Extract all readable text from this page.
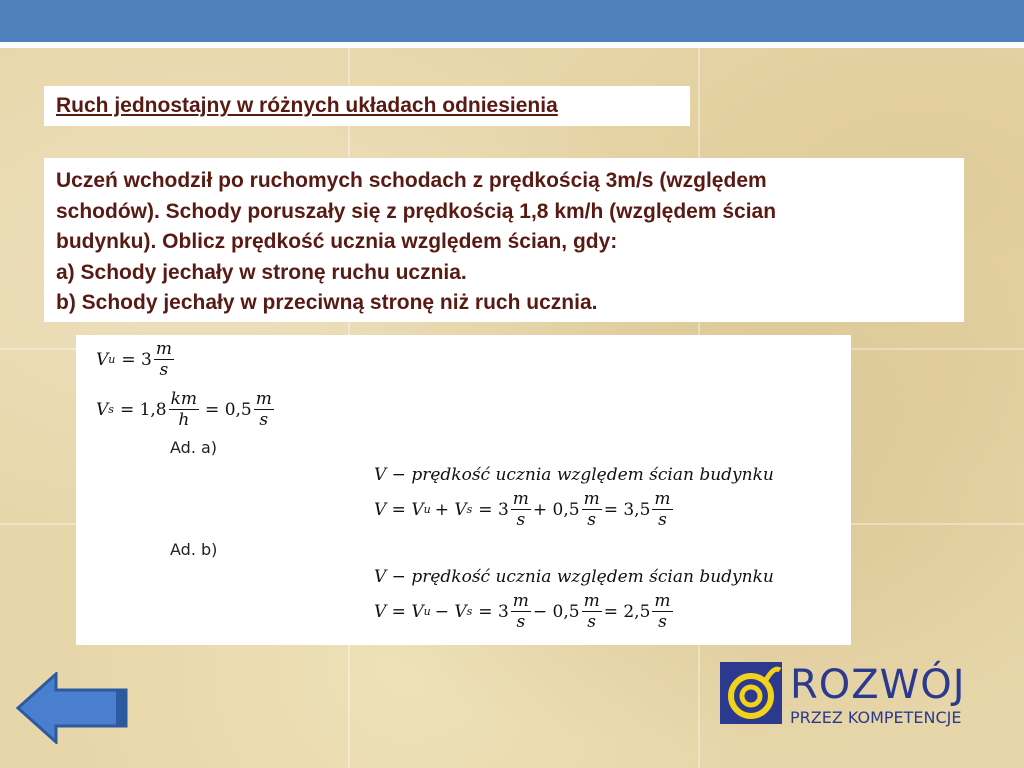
Ruch jednostajny w różnych układach odniesienia
Uczeń wchodził po ruchomych schodach z prędkością 3m/s (względem
schodów). Schody poruszały się z prędkością 1,8 km/h (względem ścian
budynku). Oblicz prędkość ucznia względem ścian, gdy:
a) Schody jechały w stronę ruchu ucznia.
b) Schody jechały w przeciwną stronę niż ruch ucznia.
V $u = 3 \frac{m}{s}$
V $s = 1,8 \frac{km}{h} = 0,5 \frac{m}{s}$
Ad. a)
V − prędkość ucznia względem ścian budynku
V = V u + V $s = 3 \frac{m}{s} + 0,5 \frac{m}{s} = 3,5 \frac{m}{s}$
Ad. b)
V − prędkość ucznia względem ścian budynku
V = V u − V $s = 3 \frac{m}{s} - 0,5 \frac{m}{s} = 2,5 \frac{m}{s}$
ROZWÓJ
PRZEZ KOMPETENCJE
